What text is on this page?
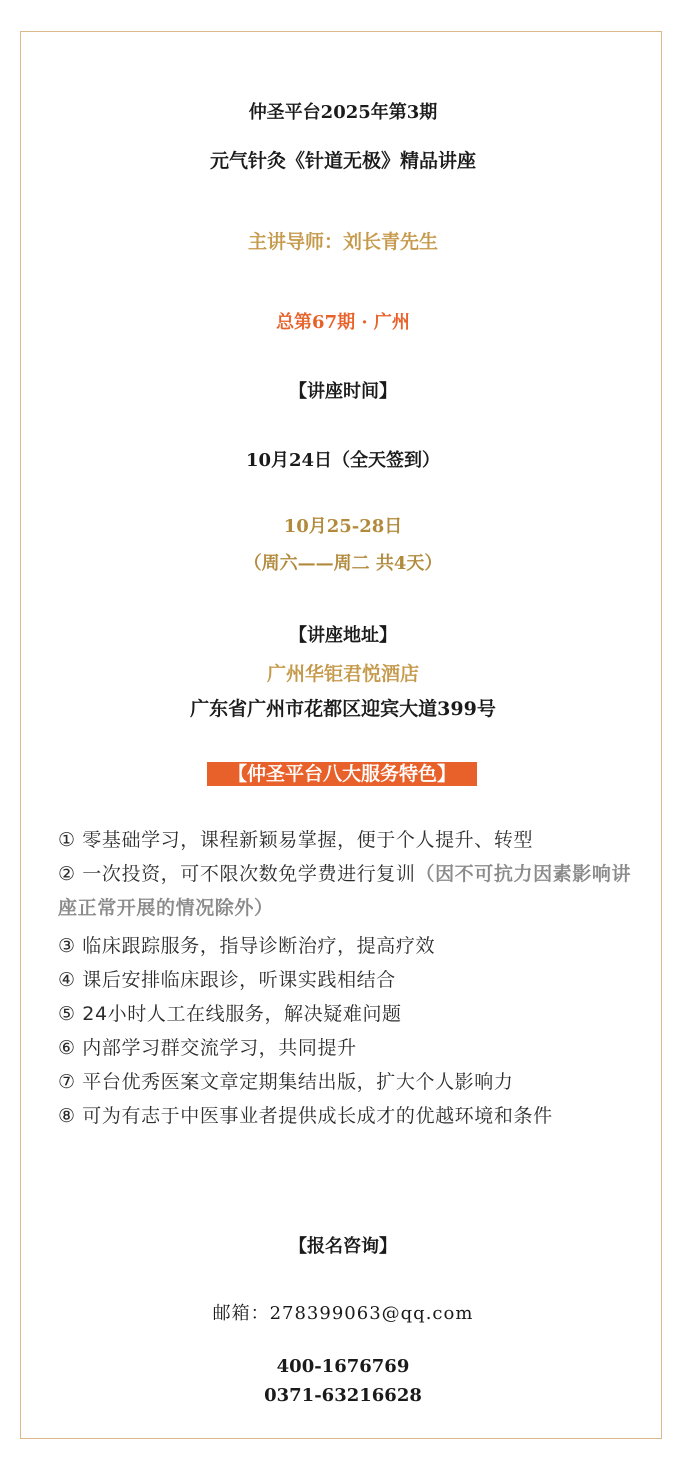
仲圣平台2025年第3期
元气针灸《针道无极》精品讲座
主讲导师：刘长青先生
总第67期 · 广州
【讲座时间】
10月24日（全天签到）
10月25-28日
（周六——周二 共4天）
【讲座地址】
广州华钜君悦酒店
广东省广州市花都区迎宾大道399号
【仲圣平台八大服务特色】
① 零基础学习，课程新颖易掌握，便于个人提升、转型
② 一次投资，可不限次数免学费进行复训（因不可抗力因素影响讲座正常开展的情况除外）
③ 临床跟踪服务，指导诊断治疗，提高疗效
④ 课后安排临床跟诊，听课实践相结合
⑤ 24小时人工在线服务，解决疑难问题
⑥ 内部学习群交流学习，共同提升
⑦ 平台优秀医案文章定期集结出版，扩大个人影响力
⑧ 可为有志于中医事业者提供成长成才的优越环境和条件
【报名咨询】
邮箱：278399063@qq.com
400-1676769
0371-63216628
